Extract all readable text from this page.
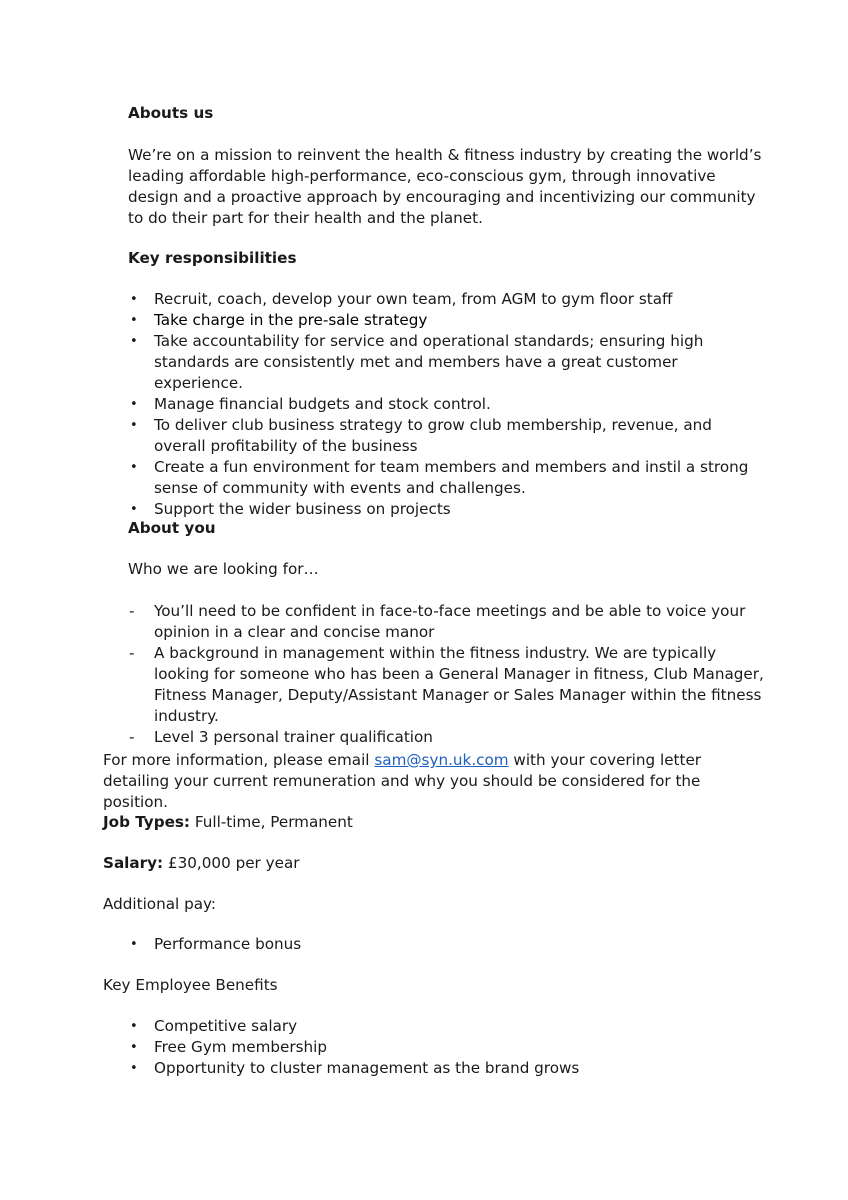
Abouts us
We’re on a mission to reinvent the health & fitness industry by creating the world’s leading affordable high-performance, eco-conscious gym, through innovative design and a proactive approach by encouraging and incentivizing our community to do their part for their health and the planet.
Key responsibilities
Recruit, coach, develop your own team, from AGM to gym floor staff
Take charge in the pre-sale strategy
Take accountability for service and operational standards; ensuring high standards are consistently met and members have a great customer experience.
Manage financial budgets and stock control.
To deliver club business strategy to grow club membership, revenue, and overall profitability of the business
Create a fun environment for team members and members and instil a strong sense of community with events and challenges.
Support the wider business on projects
About you
Who we are looking for…
You’ll need to be confident in face-to-face meetings and be able to voice your opinion in a clear and concise manor
A background in management within the fitness industry. We are typically looking for someone who has been a General Manager in fitness, Club Manager, Fitness Manager, Deputy/Assistant Manager or Sales Manager within the fitness industry.
Level 3 personal trainer qualification
For more information, please email sam@syn.uk.com with your covering letter detailing your current remuneration and why you should be considered for the position.
Job Types: Full-time, Permanent
Salary: £30,000 per year
Additional pay:
Performance bonus
Key Employee Benefits
Competitive salary
Free Gym membership
Opportunity to cluster management as the brand grows
